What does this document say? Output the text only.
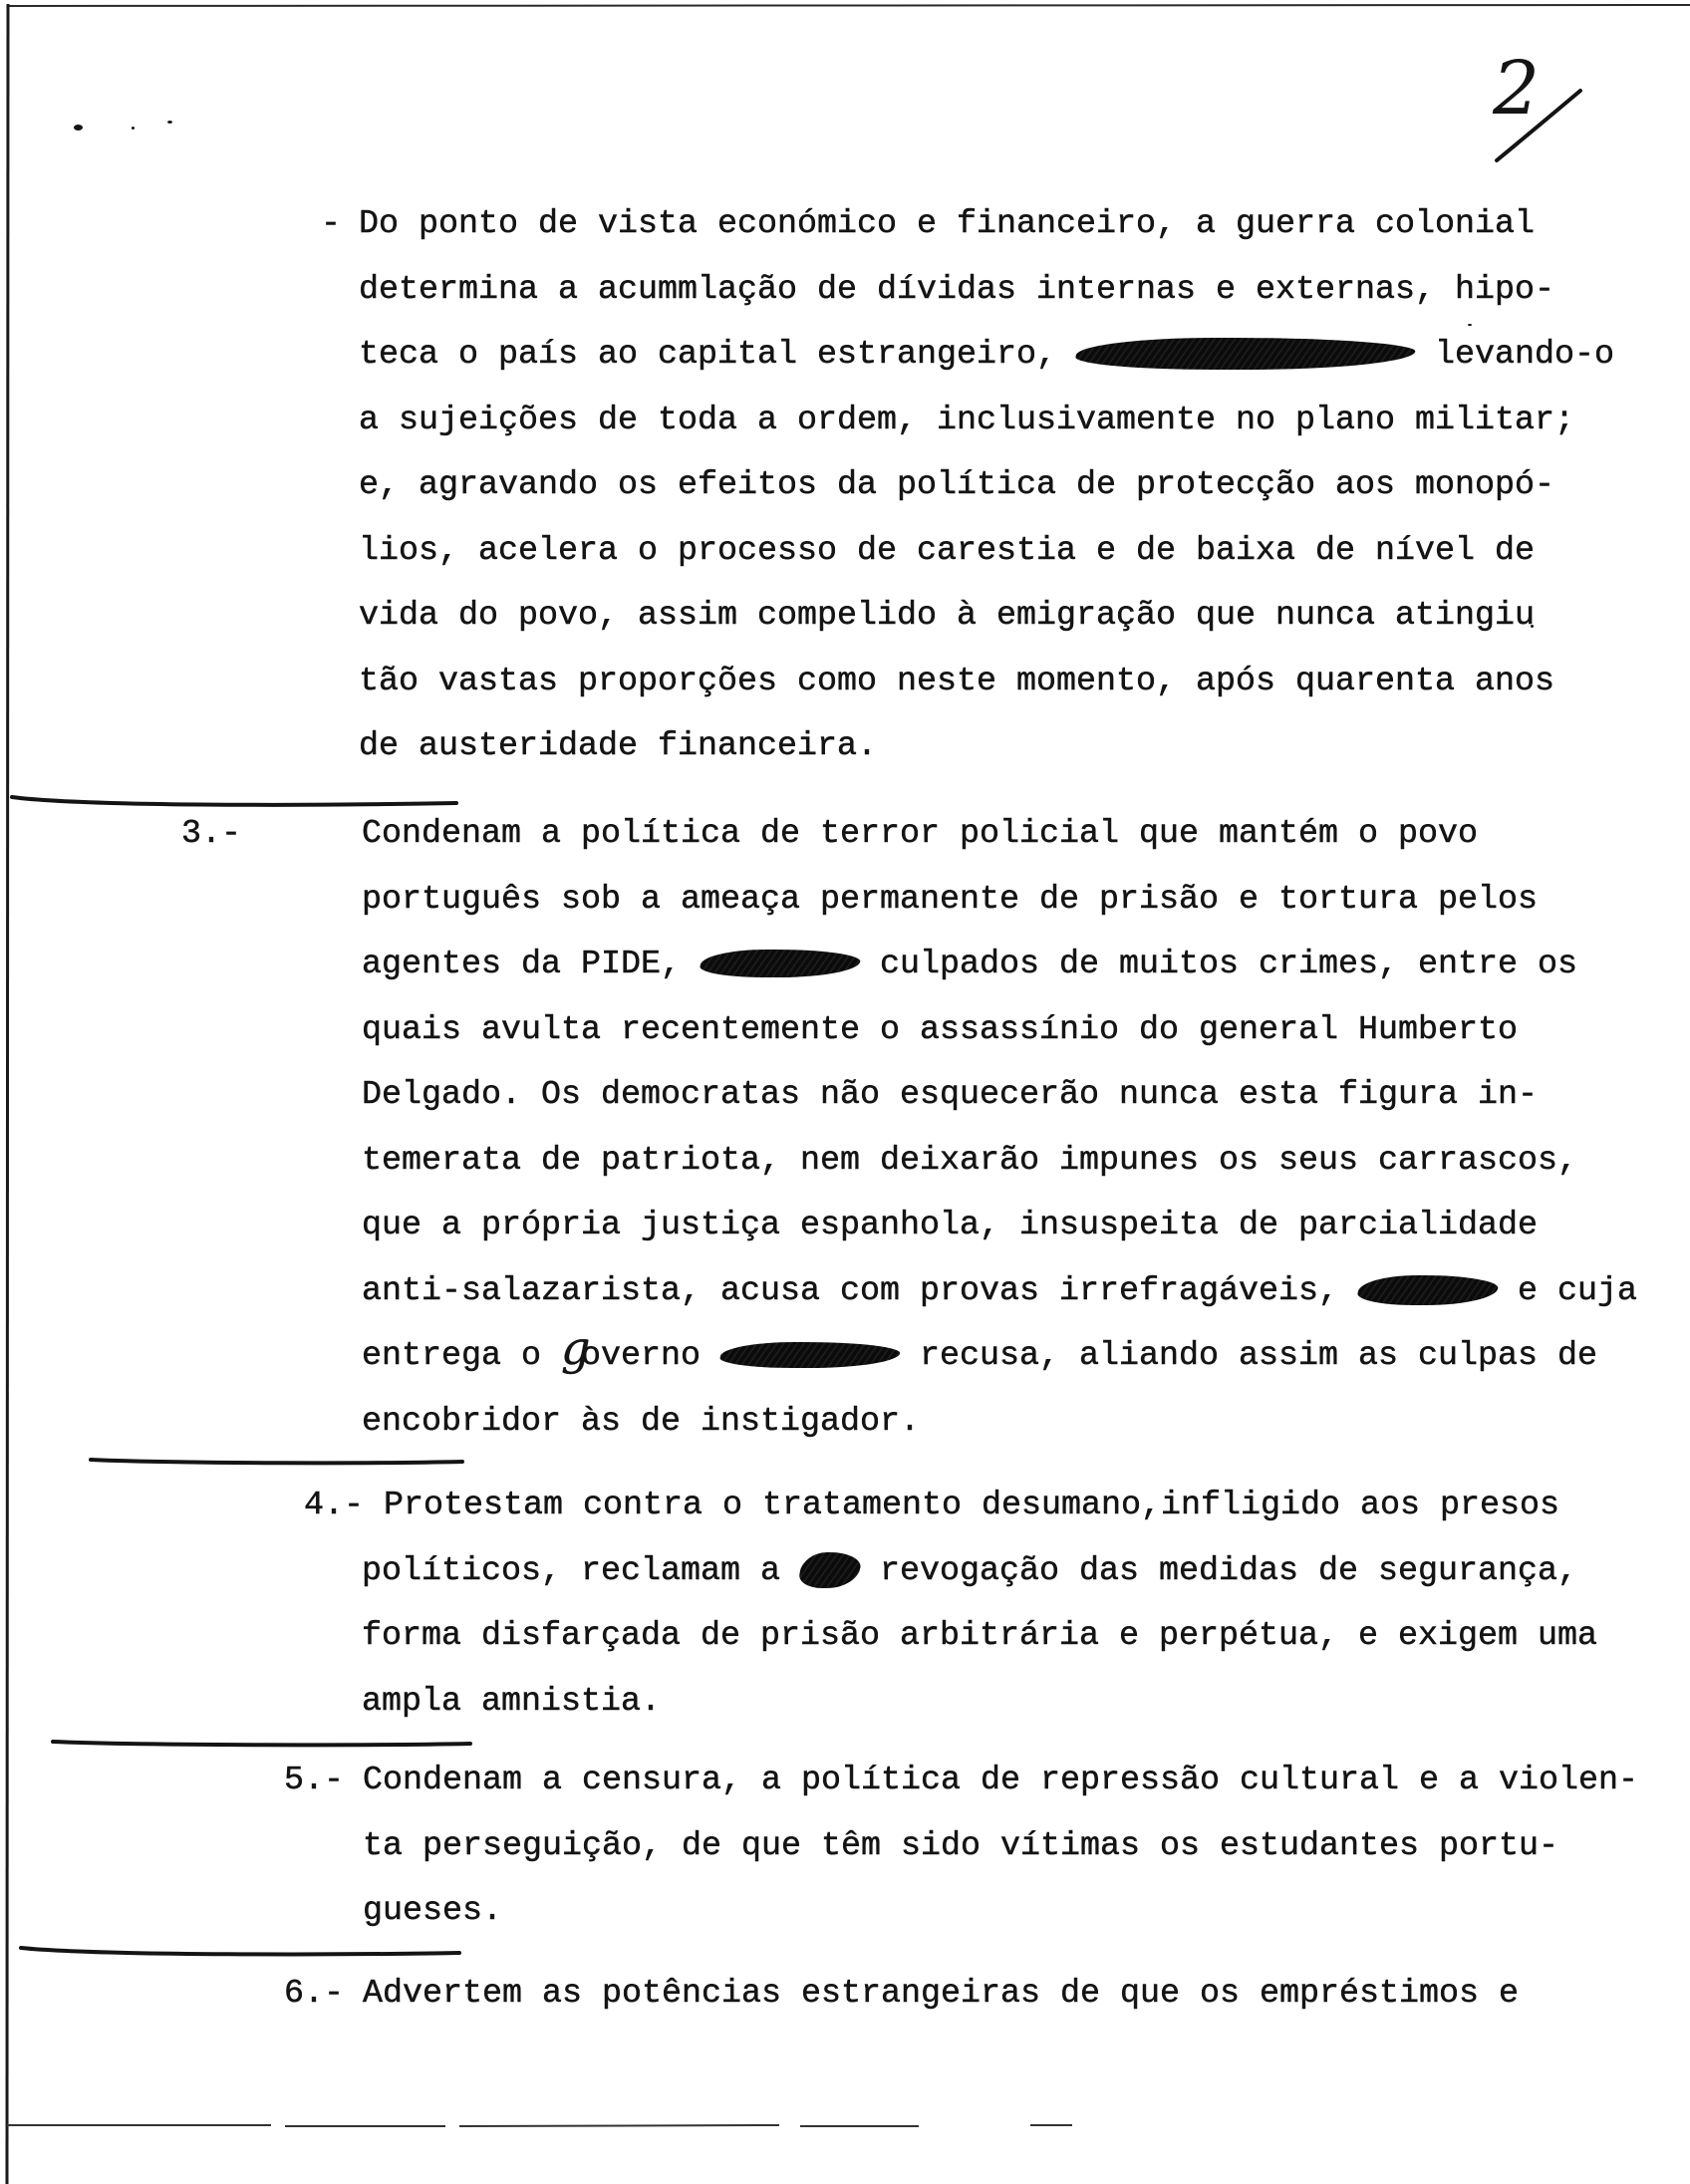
2
- Do ponto de vista económico e financeiro, a guerra colonial
determina a acummlação de dívidas internas e externas, hipo-
teca o país ao capital estrangeiro,	levando-o
a sujeições de toda a ordem, inclusivamente no plano militar;
e, agravando os efeitos da política de protecção aos monopó-
lios, acelera o processo de carestia e de baixa de nível de
vida do povo, assim compelido à emigração que nunca atingiu
tão vastas proporções como neste momento, após quarenta anos
de austeridade financeira.
3.-	Condenam a política de terror policial que mantém o povo
português sob a ameaça permanente de prisão e tortura pelos
agentes da PIDE,	culpados de muitos crimes, entre os
quais avulta recentemente o assassínio do general Humberto
Delgado. Os democratas não esquecerão nunca esta figura in-
temerata de patriota, nem deixarão impunes os seus carrascos,
que a própria justiça espanhola, insuspeita de parcialidade
anti-salazarista, acusa com provas irrefragáveis,	e cuja
entrega o governo	recusa, aliando assim as culpas de
encobridor às de instigador.
4.- Protestam contra o tratamento desumano,infligido aos presos
políticos, reclamam a	revogação das medidas de segurança,
forma disfarçada de prisão arbitrária e perpétua, e exigem uma
ampla amnistia.
5.- Condenam a censura, a política de repressão cultural e a violen-
ta perseguição, de que têm sido vítimas os estudantes portu-
gueses.
6.- Advertem as potências estrangeiras de que os empréstimos e
